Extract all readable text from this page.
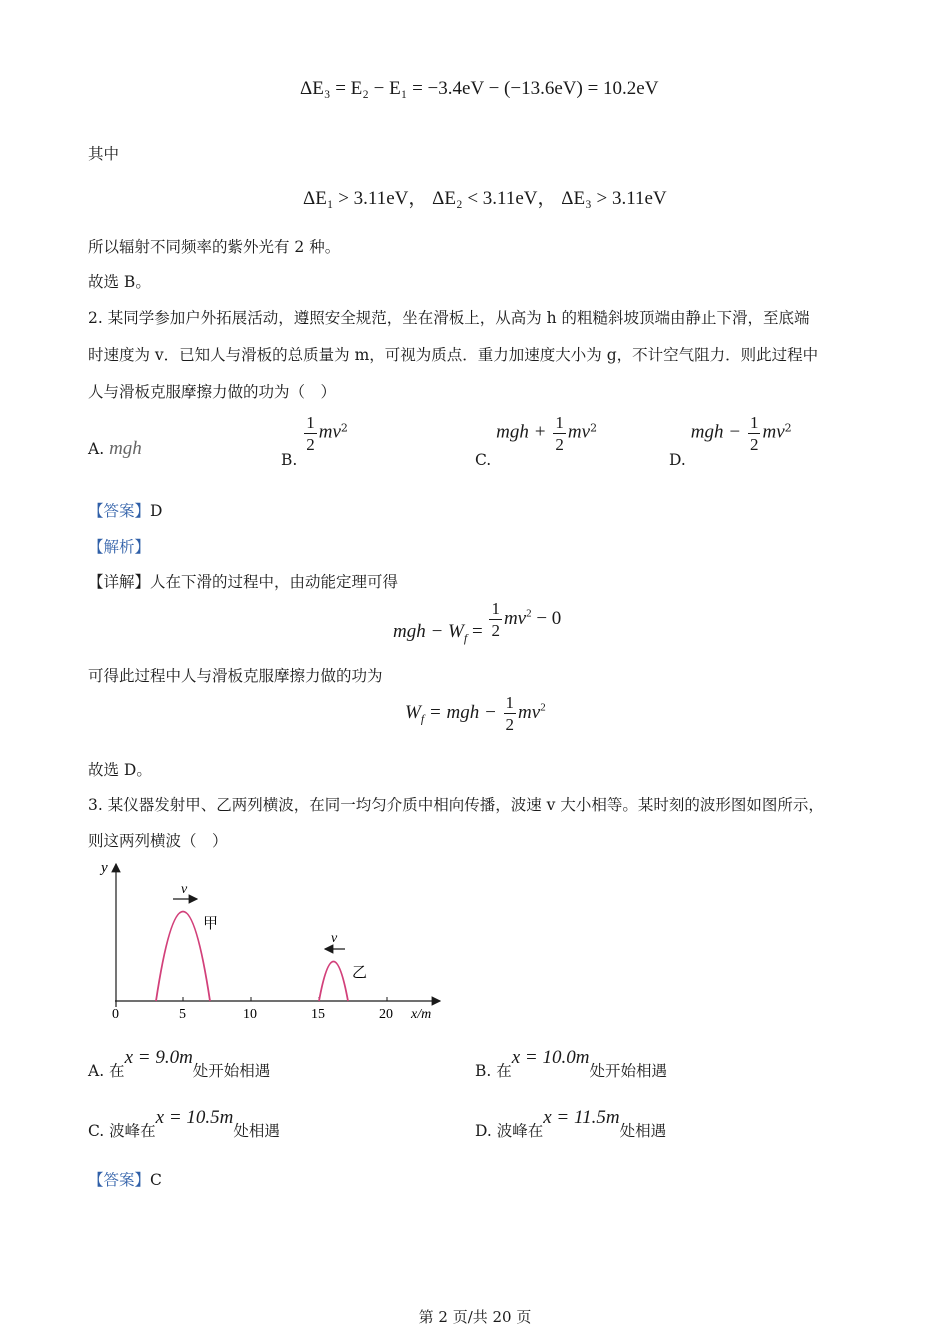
ΔE₃ = E₂ − E₁ = −3.4eV − (−13.6eV) = 10.2eV
其中
ΔE₁ > 3.11eV， ΔE₂ < 3.11eV， ΔE₃ > 3.11eV
所以辐射不同频率的紫外光有 2 种。
故选 B。
2. 某同学参加户外拓展活动，遵照安全规范，坐在滑板上，从高为 h 的粗糙斜坡顶端由静止下滑，至底端
时速度为 v．已知人与滑板的总质量为 m，可视为质点．重力加速度大小为 g，不计空气阻力．则此过程中
人与滑板克服摩擦力做的功为（　）
A. mgh
B.
$\frac{1}{2} mv^2$
C. mgh + $\frac{1}{2} mv^2$
D. mgh − $\frac{1}{2} mv^2$
【答案】D
【解析】
【详解】人在下滑的过程中，由动能定理可得
mgh − $W_f = \frac{1}{2} mv^2 - 0$
可得此过程中人与滑板克服摩擦力做的功为
$W_f$ = mgh − $\frac{1}{2} mv^2$
故选 D。
3. 某仪器发射甲、乙两列横波，在同一均匀介质中相向传播，波速 v 大小相等。某时刻的波形图如图所示，
则这两列横波（　）
y
x/m
0	5	10	15	20
v
甲
v
乙
A. 在x = 9.0m处开始相遇	B. 在x = 10.0m处开始相遇
C. 波峰在x = 10.5m处相遇	D. 波峰在x = 11.5m处相遇
【答案】C
第 2 页/共 20 页
